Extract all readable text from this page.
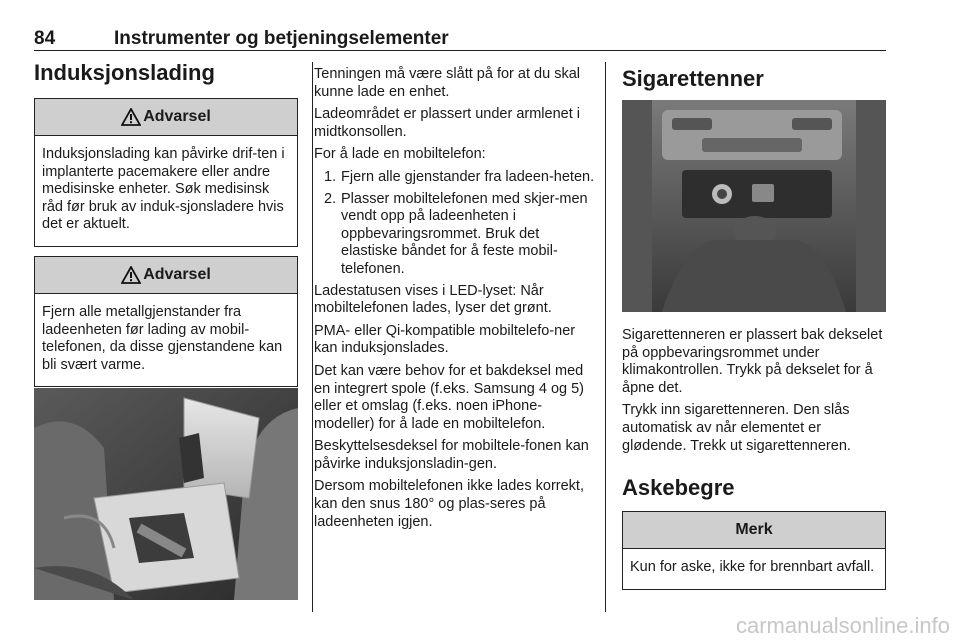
84	Instrumenter og betjeningselementer
Induksjonslading
Advarsel
Induksjonslading kan påvirke drif-ten i implanterte pacemakere eller andre medisinske enheter. Søk medisinsk råd før bruk av induk-sjonsladere hvis det er aktuelt.
Advarsel
Fjern alle metallgjenstander fra ladeenheten før lading av mobil-telefonen, da disse gjenstandene kan bli svært varme.

Tenningen må være slått på for at du skal kunne lade en enhet.

Ladeområdet er plassert under armlenet i midtkonsollen.

For å lade en mobiltelefon:

1. Fjern alle gjenstander fra ladeen-heten.
2. Plasser mobiltelefonen med skjer-men vendt opp på ladeenheten i oppbevaringsrommet. Bruk det elastiske båndet for å feste mobil-telefonen.

Ladestatusen vises i LED-lyset: Når mobiltelefonen lades, lyser det grønt.

PMA- eller Qi-kompatible mobiltelefo-ner kan induksjonslades.

Det kan være behov for et bakdeksel med en integrert spole (f.eks. Samsung 4 og 5) eller et omslag (f.eks. noen iPhone-modeller) for å lade en mobiltelefon.

Beskyttelsesdeksel for mobiltele-fonen kan påvirke induksjonsladin-gen.

Dersom mobiltelefonen ikke lades korrekt, kan den snus 180° og plas-seres på ladeenheten igjen.

Sigarettenner

Sigarettenneren er plassert bak dekselet på oppbevaringsrommet under klimakontrollen. Trykk på dekselet for å åpne det.

Trykk inn sigarettenneren. Den slås automatisk av når elementet er glødende. Trekk ut sigarettenneren.

Askebegre
Merk
Kun for aske, ikke for brennbart avfall.
carmanualsonline.info
